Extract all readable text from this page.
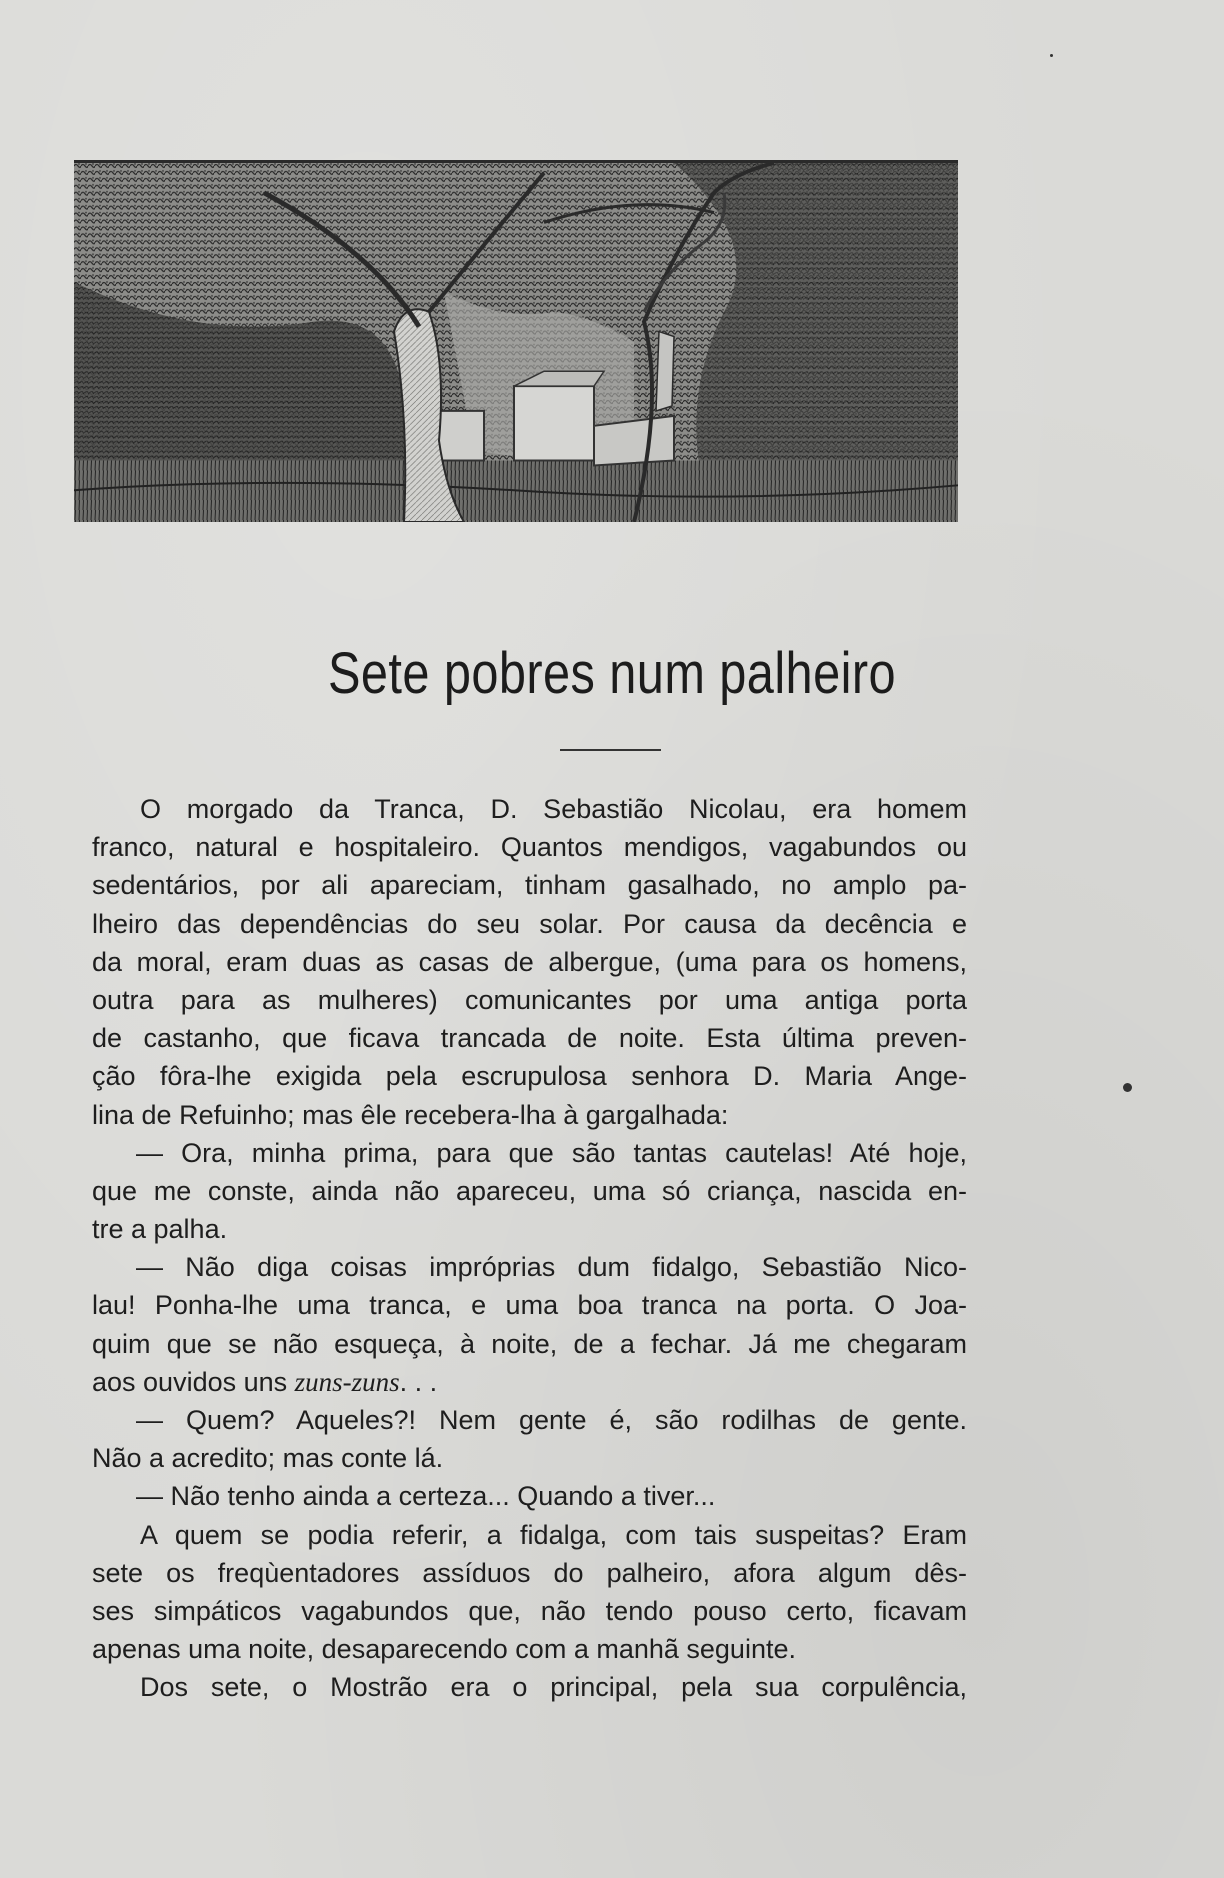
Sete pobres num palheiro
O morgado da Tranca, D. Sebastião Nicolau, era homem
franco, natural e hospitaleiro. Quantos mendigos, vagabundos ou
sedentários, por ali apareciam, tinham gasalhado, no amplo pa-
lheiro das dependências do seu solar. Por causa da decência e
da moral, eram duas as casas de albergue, (uma para os homens,
outra para as mulheres) comunicantes por uma antiga porta
de castanho, que ficava trancada de noite. Esta última preven-
ção fôra-lhe exigida pela escrupulosa senhora D. Maria Ange-
lina de Refuinho; mas êle recebera-lha à gargalhada:
— Ora, minha prima, para que são tantas cautelas! Até hoje,
que me conste, ainda não apareceu, uma só criança, nascida en-
tre a palha.
— Não diga coisas impróprias dum fidalgo, Sebastião Nico-
lau! Ponha-lhe uma tranca, e uma boa tranca na porta. O Joa-
quim que se não esqueça, à noite, de a fechar. Já me chegaram
aos ouvidos uns zuns-zuns. . .
— Quem? Aqueles?! Nem gente é, são rodilhas de gente.
Não a acredito; mas conte lá.
— Não tenho ainda a certeza... Quando a tiver...
A quem se podia referir, a fidalga, com tais suspeitas? Eram
sete os freqùentadores assíduos do palheiro, afora algum dês-
ses simpáticos vagabundos que, não tendo pouso certo, ficavam
apenas uma noite, desaparecendo com a manhã seguinte.
Dos sete, o Mostrão era o principal, pela sua corpulência,
